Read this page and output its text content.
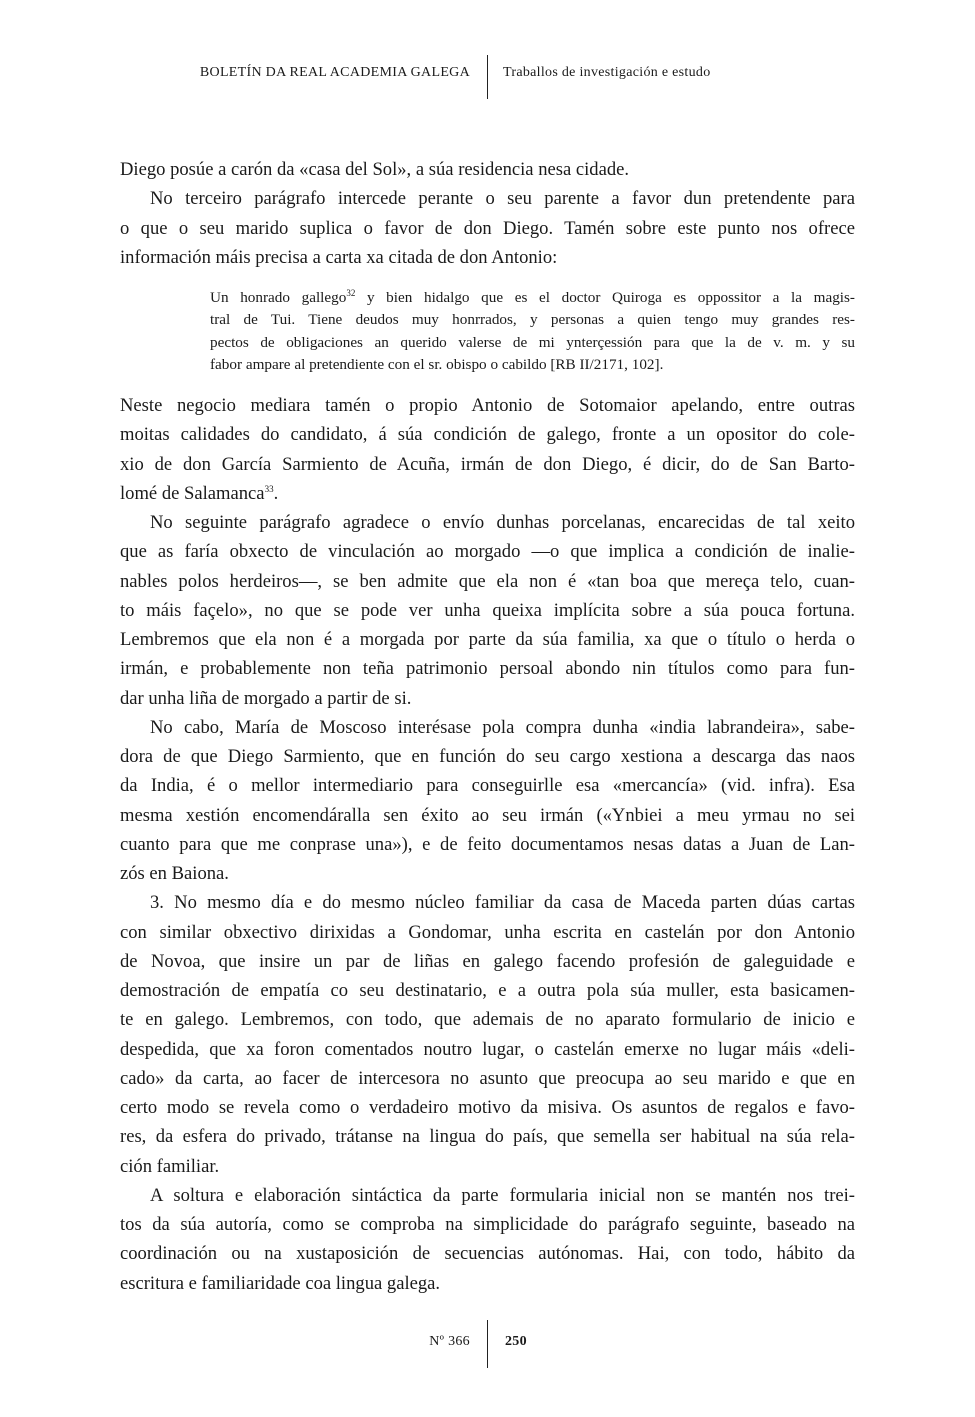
BOLETÍN DA REAL ACADEMIA GALEGA Traballos de investigación e estudo
Diego posúe a carón da «casa del Sol», a súa residencia nesa cidade.
No terceiro parágrafo intercede perante o seu parente a favor dun pretendente para
o que o seu marido suplica o favor de don Diego. Tamén sobre este punto nos ofrece
información máis precisa a carta xa citada de don Antonio:
Un honrado gallego$^{32}$ y bien hidalgo que es el doctor Quiroga es oppossitor a la magis-
tral de Tui. Tiene deudos muy honrrados, y personas a quien tengo muy grandes res-
pectos de obligaciones an querido valerse de mi ynterçessión para que la de v. m. y su
fabor ampare al pretendiente con el sr. obispo o cabildo [RB II/2171, 102].
Neste negocio mediara tamén o propio Antonio de Sotomaior apelando, entre outras
moitas calidades do candidato, á súa condición de galego, fronte a un opositor do cole-
xio de don García Sarmiento de Acuña, irmán de don Diego, é dicir, do de San Barto-
lomé de Salamanca$^{33}$.
No seguinte parágrafo agradece o envío dunhas porcelanas, encarecidas de tal xeito
que as faría obxecto de vinculación ao morgado —o que implica a condición de inalie-
nables polos herdeiros—, se ben admite que ela non é «tan boa que mereça telo, cuan-
to máis façelo», no que se pode ver unha queixa implícita sobre a súa pouca fortuna.
Lembremos que ela non é a morgada por parte da súa familia, xa que o título o herda o
irmán, e probablemente non teña patrimonio persoal abondo nin títulos como para fun-
dar unha liña de morgado a partir de si.
No cabo, María de Moscoso interésase pola compra dunha «india labrandeira», sabe-
dora de que Diego Sarmiento, que en función do seu cargo xestiona a descarga das naos
da India, é o mellor intermediario para conseguirlle esa «mercancía» (vid. infra). Esa
mesma xestión encomendáralla sen éxito ao seu irmán («Ynbiei a meu yrmau no sei
cuanto para que me conprase una»), e de feito documentamos nesas datas a Juan de Lan-
zós en Baiona.
3. No mesmo día e do mesmo núcleo familiar da casa de Maceda parten dúas cartas
con similar obxectivo dirixidas a Gondomar, unha escrita en castelán por don Antonio
de Novoa, que insire un par de liñas en galego facendo profesión de galeguidade e
demostración de empatía co seu destinatario, e a outra pola súa muller, esta basicamen-
te en galego. Lembremos, con todo, que ademais de no aparato formulario de inicio e
despedida, que xa foron comentados noutro lugar, o castelán emerxe no lugar máis «deli-
cado» da carta, ao facer de intercesora no asunto que preocupa ao seu marido e que en
certo modo se revela como o verdadeiro motivo da misiva. Os asuntos de regalos e favo-
res, da esfera do privado, trátanse na lingua do país, que semella ser habitual na súa rela-
ción familiar.
A soltura e elaboración sintáctica da parte formularia inicial non se mantén nos trei-
tos da súa autoría, como se comproba na simplicidade do parágrafo seguinte, baseado na
coordinación ou na xustaposición de secuencias autónomas. Hai, con todo, hábito da
escritura e familiaridade coa lingua galega.
Nº 366	250
